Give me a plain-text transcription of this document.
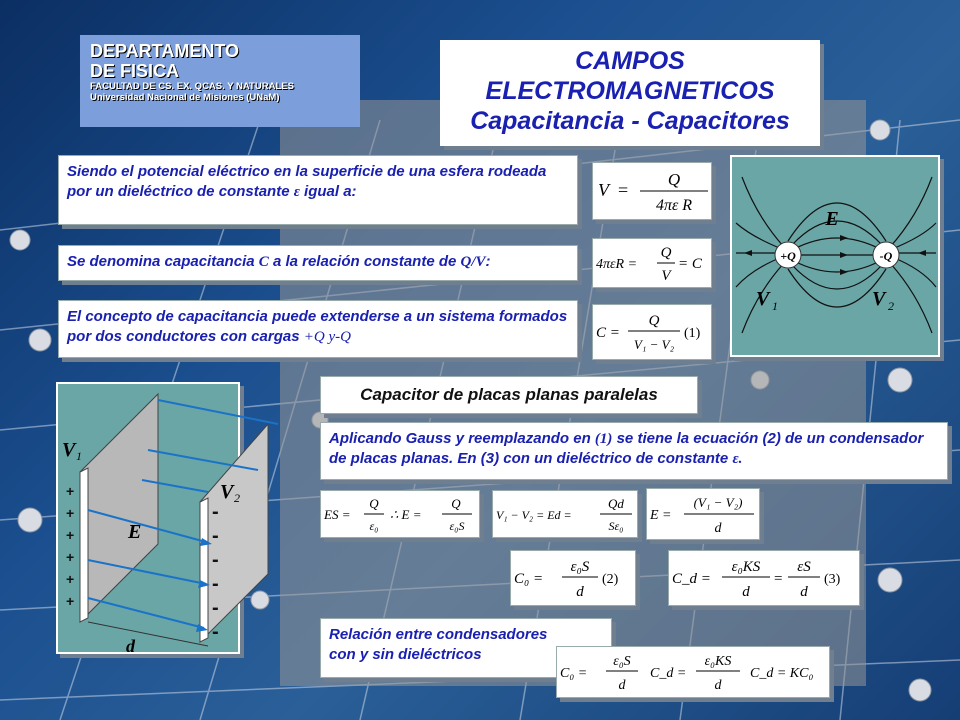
DEPARTAMENTO
DE FISICA
FACULTAD DE CS. EX. QCAS. Y NATURALES
Universidad Nacional de Misiones (UNaM)
CAMPOS
ELECTROMAGNETICOS
Capacitancia - Capacitores
Siendo el potencial eléctrico en la superficie de una esfera rodeada por un dieléctrico de constante ε igual a:	V =
Q
4πε R
Se denomina capacitancia C a la relación constante de Q/V:	4πεR =
Q
V
= C
El concepto de capacitancia puede extenderse a un sistema formados por dos conductores con cargas +Q y-Q	C =
Q
V₁ − V₂
(1)
+Q	-Q
E
V 1	V 2
+
+
+
+
+
+
-
-
-
-
-
-
V 1
V 2
E
d
Capacitor de placas planas paralelas
Aplicando Gauss y reemplazando en (1) se tiene la ecuación (2) de un condensador de placas planas. En (3) con un dieléctrico de constante ε.
ES =
Q
ε₀
∴ E =
Q
ε₀S
V₁ − V₂ = Ed =
Qd
Sε₀
E =
(V₁ − V₂)
d
C₀ =
ε₀S
d
(2)	C_d =
ε₀KS
d
=
εS
d
(3)
Relación entre condensadores
con y sin dieléctricos
C₀ =
ε₀S
d
C_d =
ε₀KS
d
C_d = KC₀
